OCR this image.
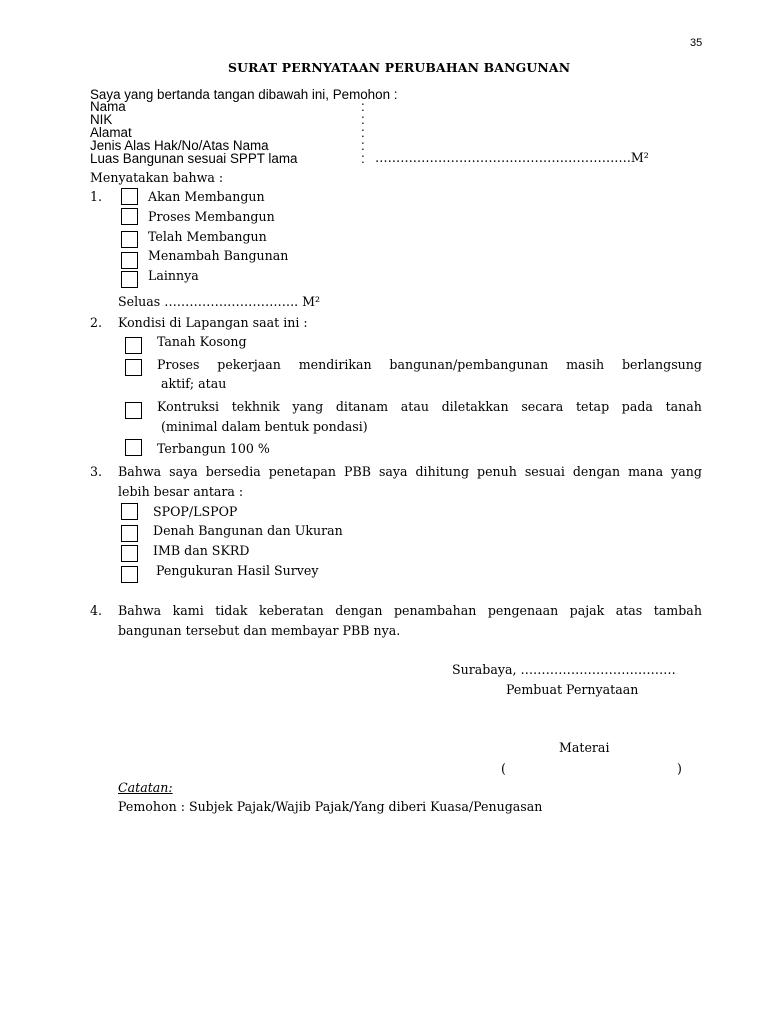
35
SURAT PERNYATAAN PERUBAHAN BANGUNAN
Saya yang bertanda tangan dibawah ini, Pemohon :
Nama	:
NIK	:
Alamat	:
Jenis Alas Hak/No/Atas Nama	:
Luas Bangunan sesuai SPPT lama	: …………………………………………………….M²
Menyatakan bahwa :
1.	Akan Membangun
Proses Membangun
Telah Membangun
Menambah Bangunan
Lainnya
Seluas ………………………….. M²
2. Kondisi di Lapangan saat ini :
Tanah Kosong
Proses pekerjaan mendirikan bangunan/pembangunan masih berlangsung
aktif; atau
Kontruksi tekhnik yang ditanam atau diletakkan secara tetap pada tanah
(minimal dalam bentuk pondasi)
Terbangun 100 %
3. Bahwa saya bersedia penetapan PBB saya dihitung penuh sesuai dengan mana yang
lebih besar antara :
SPOP/LSPOP
Denah Bangunan dan Ukuran
IMB dan SKRD
Pengukuran Hasil Survey
4. Bahwa kami tidak keberatan dengan penambahan pengenaan pajak atas tambah
bangunan tersebut dan membayar PBB nya.
Surabaya, ……………………………….
Pembuat Pernyataan
Materai
(	)
Catatan:
Pemohon : Subjek Pajak/Wajib Pajak/Yang diberi Kuasa/Penugasan
